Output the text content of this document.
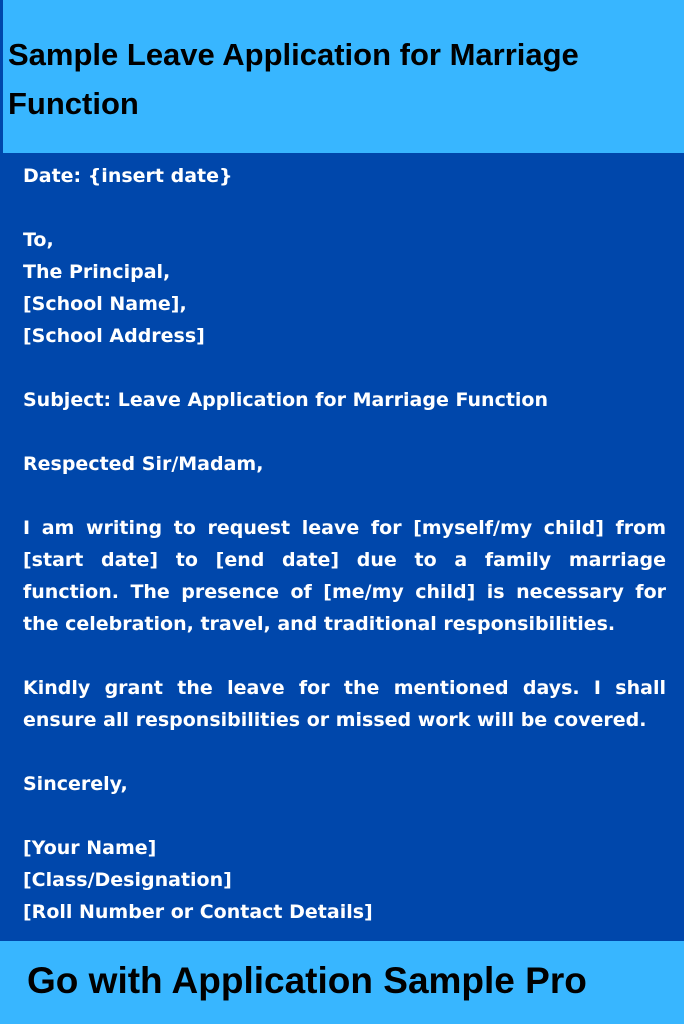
Sample Leave Application for Marriage Function

Date: {insert date}

To,

The Principal,

[School Name],

[School Address]

Subject: Leave Application for Marriage Function

Respected Sir/Madam,

I am writing to request leave for [myself/my child] from [start date] to [end date] due to a family marriage function. The presence of [me/my child] is necessary for the celebration, travel, and traditional responsibilities.

Kindly grant the leave for the mentioned days. I shall ensure all responsibilities or missed work will be covered.

Sincerely,

[Your Name]

[Class/Designation]

[Roll Number or Contact Details]

Go with Application Sample Pro
